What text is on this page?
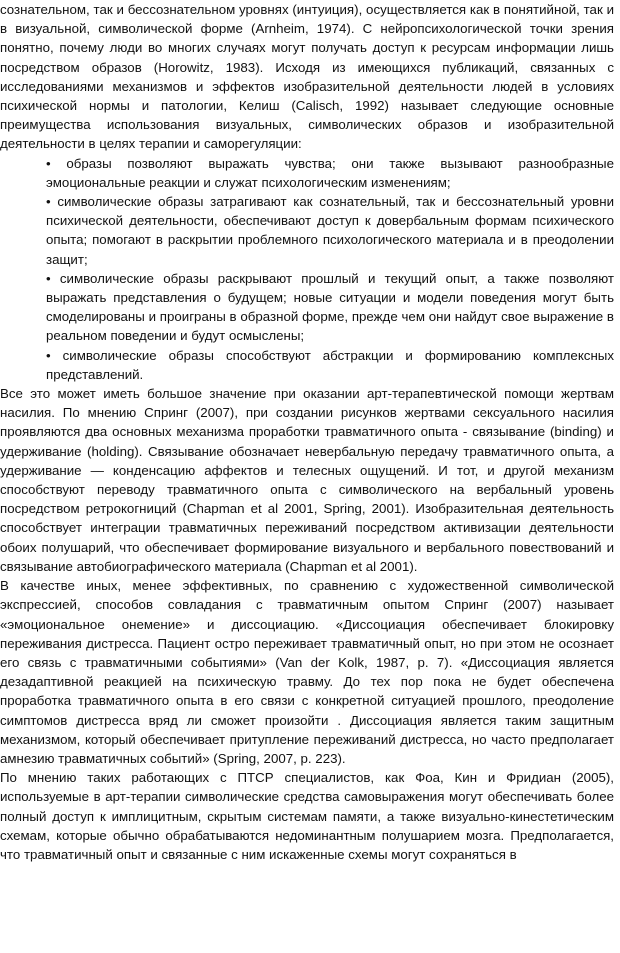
сознательном, так и бессознательном уровнях (интуиция), осуществляется как в понятийной, так и в визуальной, символической форме (Arnheim, 1974). С нейропсихологической точки зрения понятно, почему люди во многих случаях могут получать доступ к ресурсам информации лишь посредством образов (Horowitz, 1983). Исходя из имеющихся публикаций, связанных с исследованиями механизмов и эффектов изобразительной деятельности людей в условиях психической нормы и патологии, Келиш (Calisch, 1992) называет следующие основные преимущества использования визуальных, символических образов и изобразительной деятельности в целях терапии и саморегуляции:

• образы позволяют выражать чувства; они также вызывают разнообразные эмоциональные реакции и служат психологическим изменениям;
• символические образы затрагивают как сознательный, так и бессознательный уровни психической деятельности, обеспечивают доступ к довербальным формам психического опыта; помогают в раскрытии проблемного психологического материала и в преодолении защит;
• символические образы раскрывают прошлый и текущий опыт, а также позволяют выражать представления о будущем; новые ситуации и модели поведения могут быть смоделированы и проиграны в образной форме, прежде чем они найдут свое выражение в реальном поведении и будут осмыслены;
• символические образы способствуют абстракции и формированию комплексных представлений.

Все это может иметь большое значение при оказании арт-терапевтической помощи жертвам насилия. По мнению Спринг (2007), при создании рисунков жертвами сексуального насилия проявляются два основных механизма проработки травматичного опыта - связывание (binding) и удерживание (holding). Связывание обозначает невербальную передачу травматичного опыта, а удерживание — конденсацию аффектов и телесных ощущений. И тот, и другой механизм способствуют переводу травматичного опыта с символического на вербальный уровень посредством ретрокогниций (Chapman et al 2001, Spring, 2001). Изобразительная деятельность способствует интеграции травматичных переживаний посредством активизации деятельности обоих полушарий, что обеспечивает формирование визуального и вербального повествований и связывание автобиографического материала (Chapman et al 2001).

В качестве иных, менее эффективных, по сравнению с художественной символической экспрессией, способов совладания с травматичным опытом Спринг (2007) называет «эмоциональное онемение» и диссоциацию. «Диссоциация обеспечивает блокировку переживания дистресса. Пациент остро переживает травматичный опыт, но при этом не осознает его связь с травматичными событиями» (Van der Kolk, 1987, p. 7). «Диссоциация является дезадаптивной реакцией на психическую травму. До тех пор пока не будет обеспечена проработка травматичного опыта в его связи с конкретной ситуацией прошлого, преодоление симптомов дистресса вряд ли сможет произойти . Диссоциация является таким защитным механизмом, который обеспечивает притупление переживаний дистресса, но часто предполагает амнезию травматичных событий» (Spring, 2007, p. 223).

По мнению таких работающих с ПТСР специалистов, как Фоа, Кин и Фридиан (2005), используемые в арт-терапии символические средства самовыражения могут обеспечивать более полный доступ к имплицитным, скрытым системам памяти, а также визуально-кинестетическим схемам, которые обычно обрабатываются недоминантным полушарием мозга. Предполагается, что травматичный опыт и связанные с ним искаженные схемы могут сохраняться в
